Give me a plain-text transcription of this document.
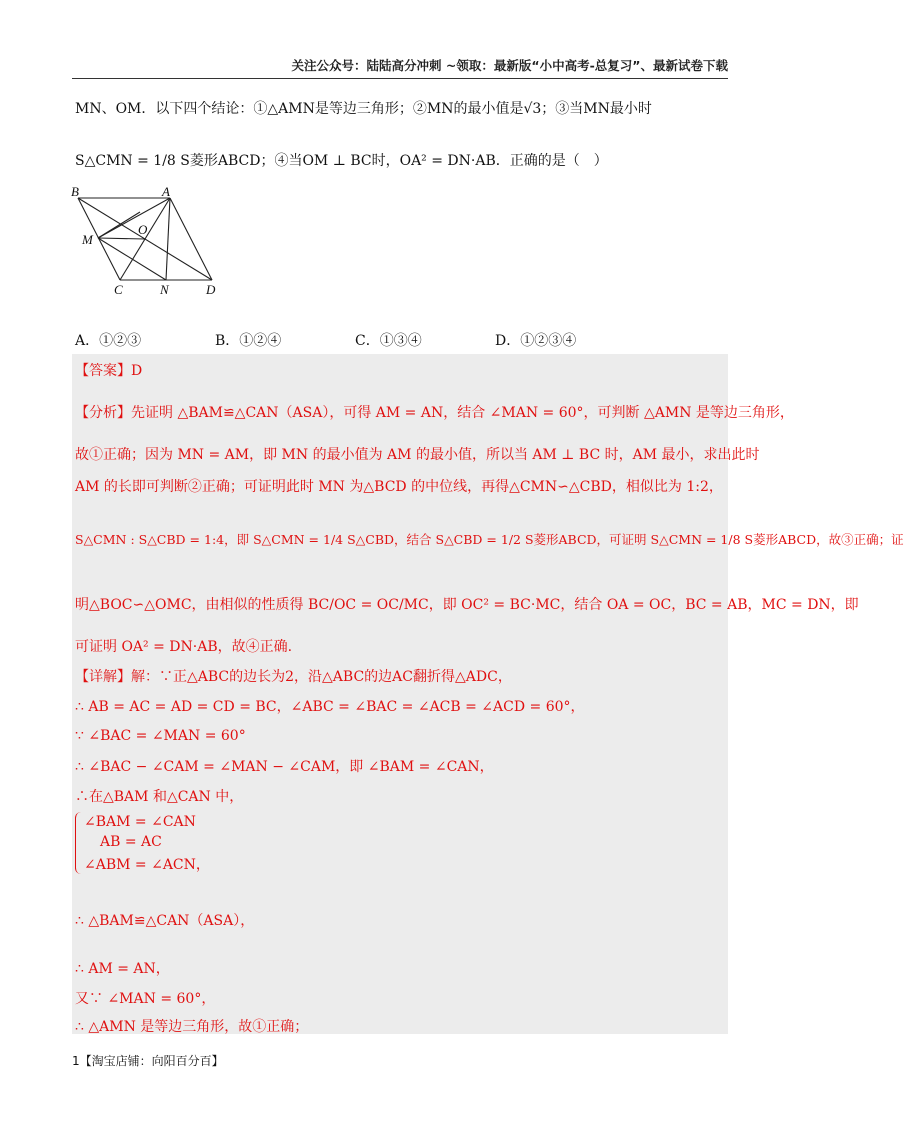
关注公众号：陆陆高分冲刺 ~领取：最新版“小中高考-总复习”、最新试卷下载
MN、OM．以下四个结论：①△AMN是等边三角形；②MN的最小值是√3；③当MN最小时
S△CMN = 1/8 S菱形ABCD；④当OM ⊥ BC时，OA² = DN·AB．正确的是（　）
B	A
M
O
C	N	D
A．①②③	B．①②④	C．①③④	D．①②③④
【答案】D
【分析】先证明 △BAM≌△CAN（ASA），可得 AM = AN，结合 ∠MAN = 60°，可判断 △AMN 是等边三角形，
故①正确；因为 MN = AM，即 MN 的最小值为 AM 的最小值，所以当 AM ⊥ BC 时，AM 最小，求出此时
AM 的长即可判断②正确；可证明此时 MN 为△BCD 的中位线，再得△CMN∽△CBD，相似比为 1:2，
S△CMN : S△CBD = 1:4，即 S△CMN = 1/4 S△CBD，结合 S△CBD = 1/2 S菱形ABCD，可证明 S△CMN = 1/8 S菱形ABCD，故③正确；证
明△BOC∽△OMC，由相似的性质得 BC/OC = OC/MC，即 OC² = BC·MC，结合 OA = OC，BC = AB，MC = DN，即
可证明 OA² = DN·AB，故④正确.
【详解】解：∵正△ABC的边长为2，沿△ABC的边AC翻折得△ADC，
∴ AB = AC = AD = CD = BC，∠ABC = ∠BAC = ∠ACB = ∠ACD = 60°，
∵ ∠BAC = ∠MAN = 60°
∴ ∠BAC − ∠CAM = ∠MAN − ∠CAM，即 ∠BAM = ∠CAN，
∴在△BAM 和△CAN 中，
∠BAM = ∠CAN
AB = AC
∠ABM = ∠ACN，
∴ △BAM≌△CAN（ASA），
∴ AM = AN，
又∵ ∠MAN = 60°，
∴ △AMN 是等边三角形，故①正确；
1【淘宝店铺：向阳百分百】
